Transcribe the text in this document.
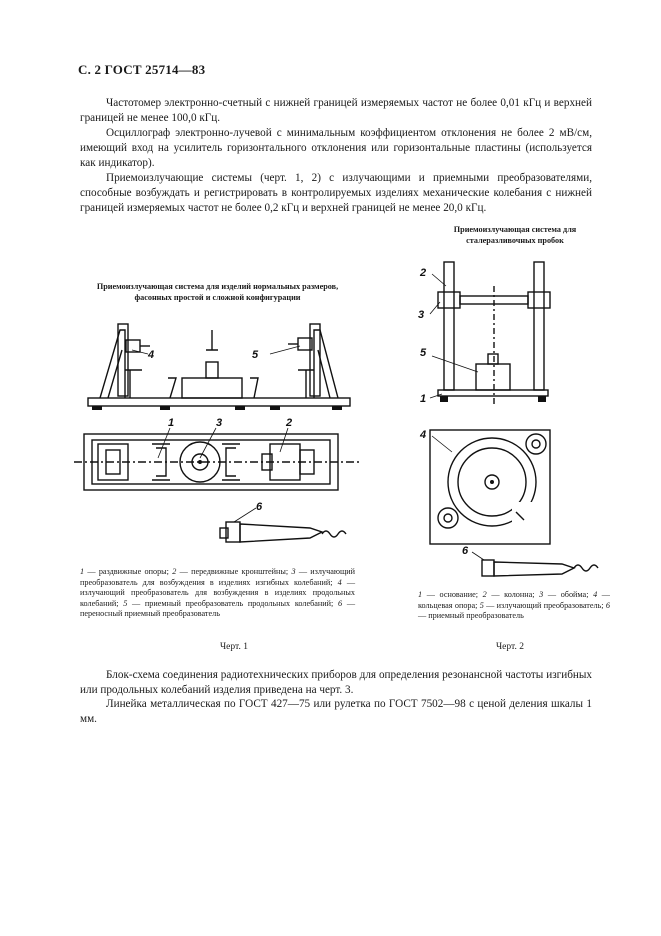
С. 2 ГОСТ 25714—83

Частотомер электронно-счетный с нижней границей измеряемых частот не более 0,01 кГц и верхней границей не менее 100,0 кГц.

Осциллограф электронно-лучевой с минимальным коэффициентом отклонения не более 2 мВ/см, имеющий вход на усилитель горизонтального отклонения или горизонтальные пластины (используется как индикатор).

Приемоизлучающие системы (черт. 1, 2) с излучающими и приемными преобразователями, способные возбуждать и регистрировать в контролируемых изделиях механические колебания с нижней границей измеряемых частот не более 0,2 кГц и верхней границей не менее 20,0 кГц.

Приемоизлучающая система для изделий нормальных размеров, фасонных простой и сложной конфигурации
4	5
1	3	2
6
1 — раздвижные опоры; 2 — передвижные кронштейны; 3 — излучающий преобразователь для возбуждения в изделиях изгибных колебаний; 4 — излучающий преобразователь для возбуждения в изделиях продольных колебаний; 5 — приемный преобразователь продольных колебаний; 6 — переносный приемный преобразователь
Черт. 1
Приемоизлучающая система для сталеразливочных пробок
2
3
5
1
4
6
1 — основание; 2 — колонна; 3 — обойма; 4 — кольцевая опора; 5 — излучающий преобразователь; 6 — приемный преобразователь
Черт. 2

Блок-схема соединения радиотехнических приборов для определения резонансной частоты изгибных или продольных колебаний изделия приведена на черт. 3.

Линейка металлическая по ГОСТ 427—75 или рулетка по ГОСТ 7502—98 с ценой деления шкалы 1 мм.
